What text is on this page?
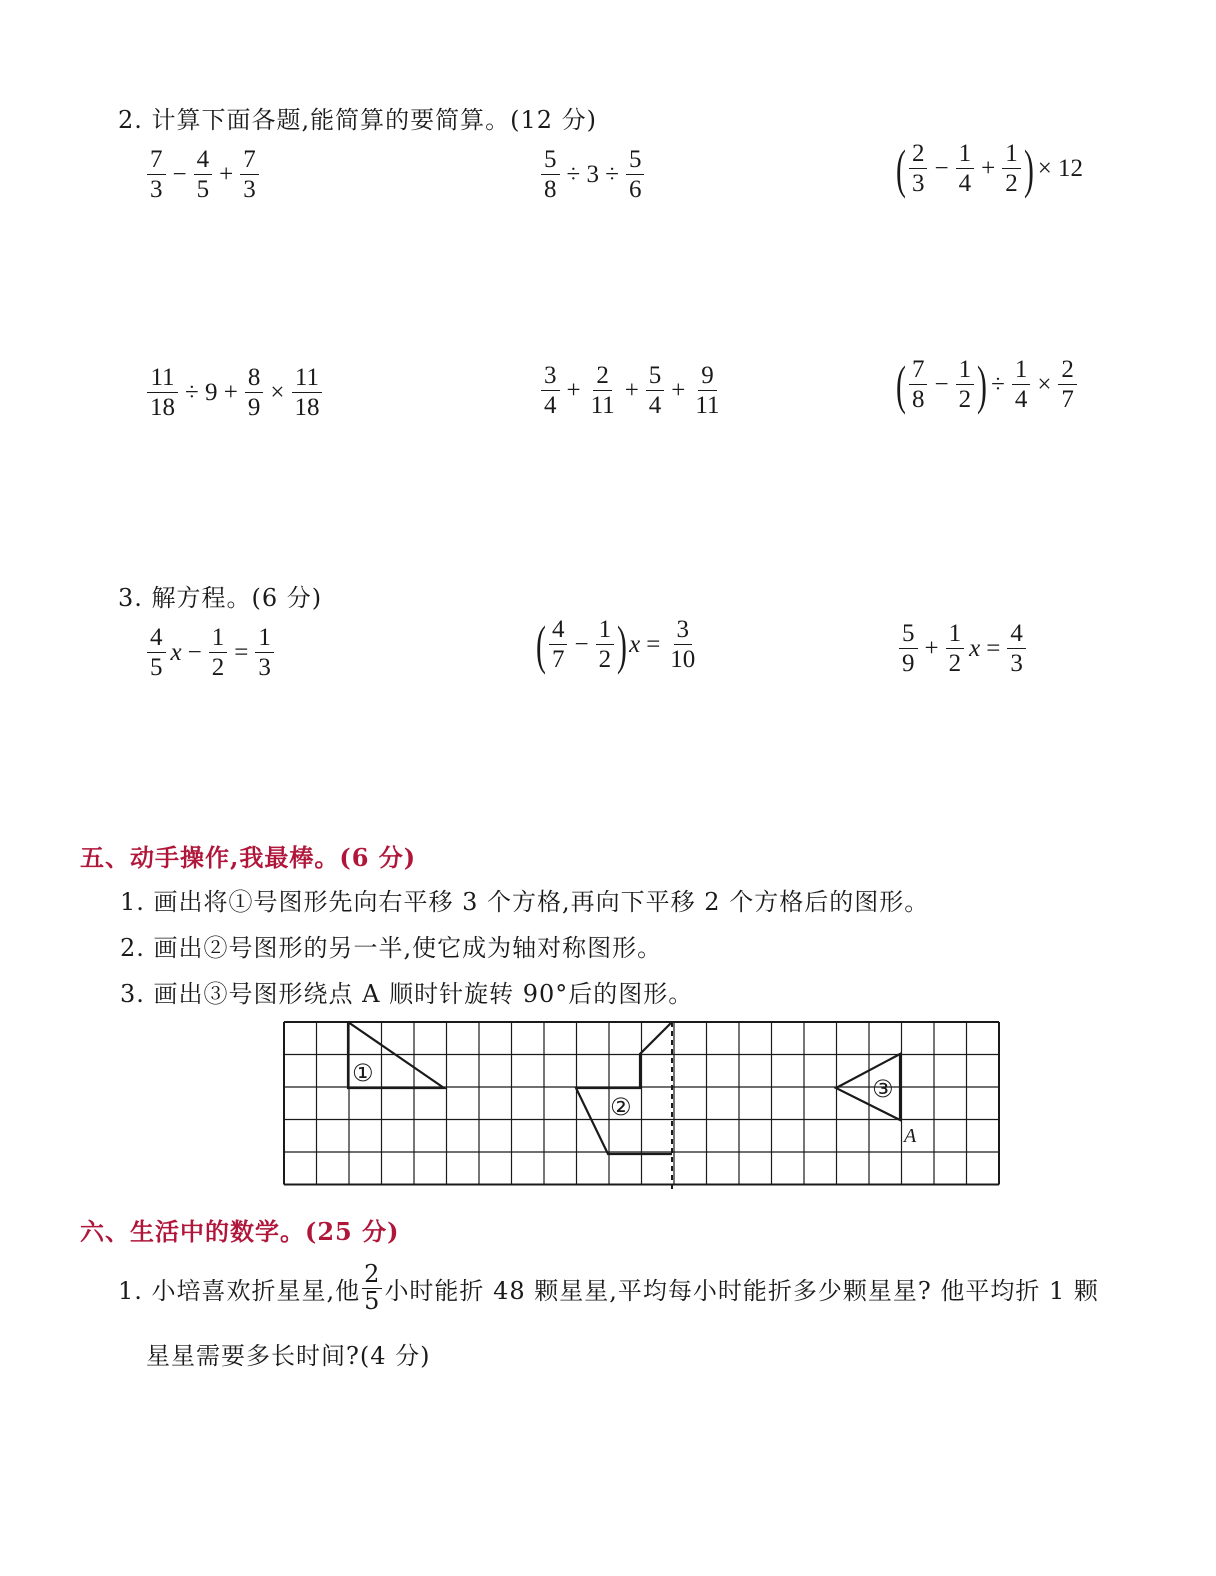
2. 计算下面各题,能简算的要简算。(12 分)
$\frac{7}{3} - \frac{4}{5} + \frac{7}{3}$	$\frac{5}{8} \div 3 \div \frac{5}{6}$	( $\frac{2}{3} - \frac{1}{4} + \frac{1}{2}$ ) × 12
$\frac{11}{18} \div 9 + \frac{8}{9} \times \frac{11}{18}$	$\frac{3}{4} + \frac{2}{11} + \frac{5}{4} + \frac{9}{11}$	( $\frac{7}{8} - \frac{1}{2}$ ) ÷ $\frac{1}{4} \times \frac{2}{7}$
3. 解方程。(6 分)
$\frac{4}{5}$ $x - \frac{1}{2} = \frac{1}{3}$	( $\frac{4}{7} - \frac{1}{2}$ ) $x = \frac{3}{10}$	$\frac{5}{9} + \frac{1}{2}$ $x = \frac{4}{3}$
五、动手操作,我最棒。(6 分)
1. 画出将①号图形先向右平移 3 个方格,再向下平移 2 个方格后的图形。
2. 画出②号图形的另一半,使它成为轴对称图形。
3. 画出③号图形绕点 A 顺时针旋转 90°后的图形。
①
②
③
A
六、生活中的数学。(25 分)
1. 小培喜欢折星星,他 $\frac{2}{5}$ 小时能折 48 颗星星,平均每小时能折多少颗星星? 他平均折 1 颗
星星需要多长时间?(4 分)
